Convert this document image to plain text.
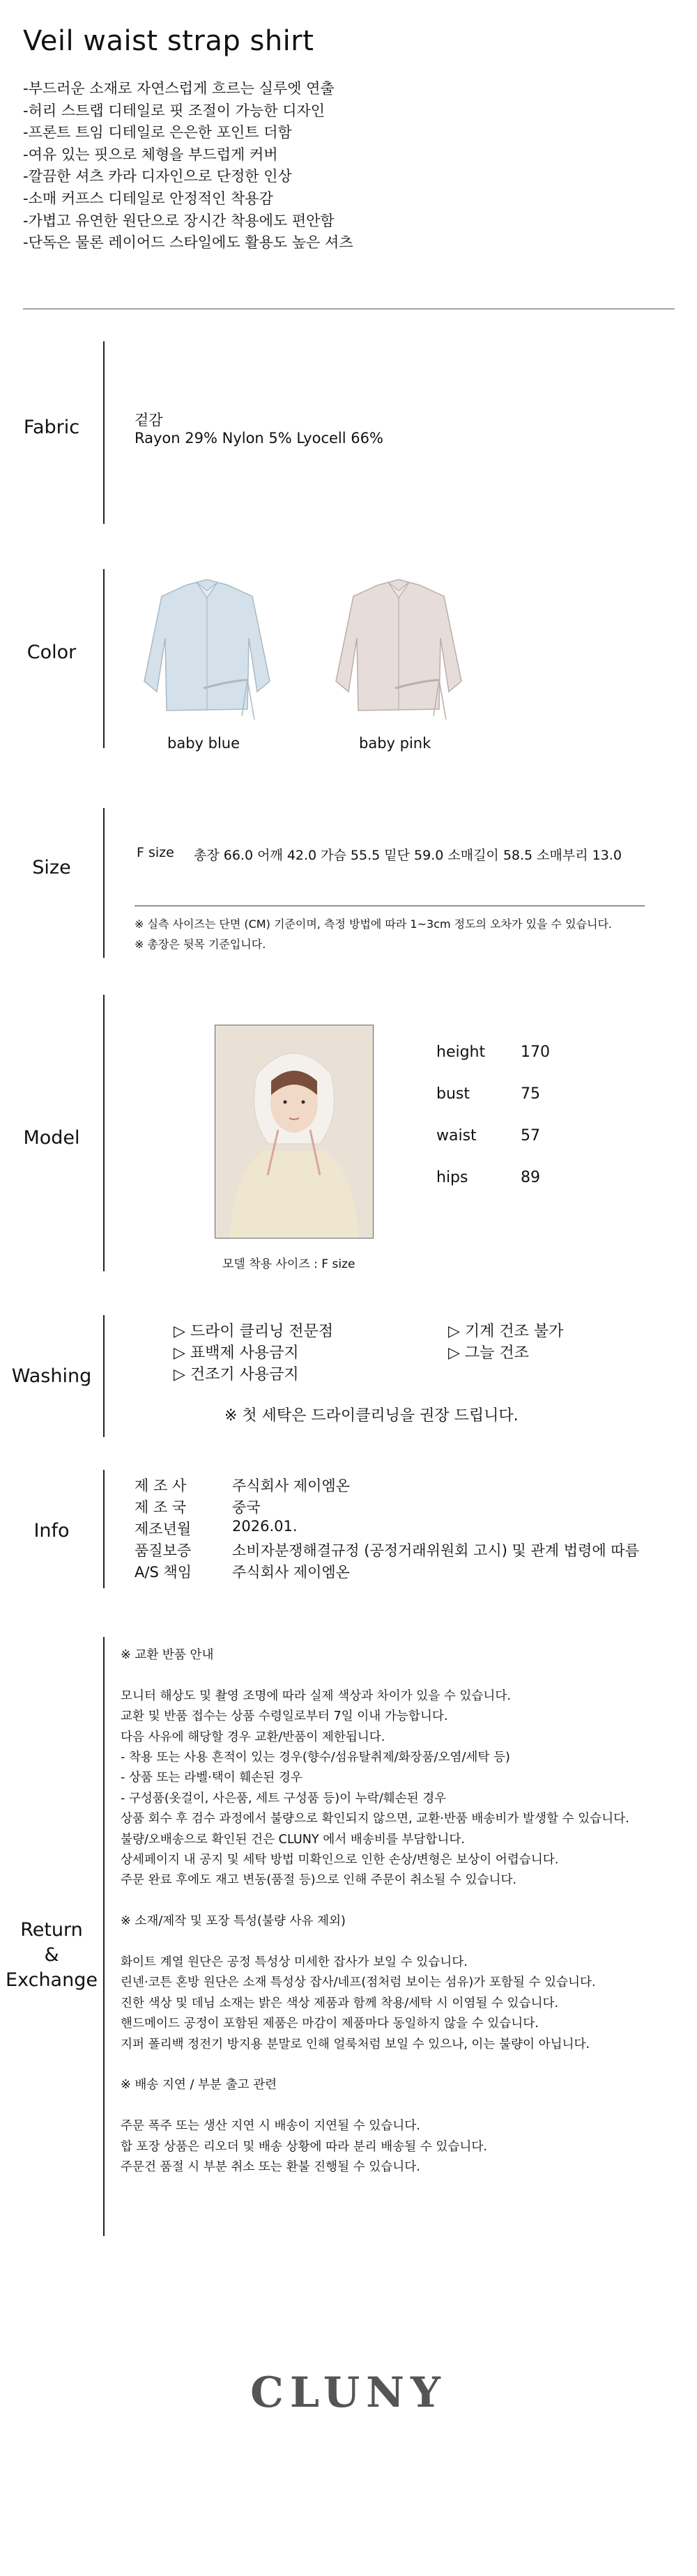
Veil waist strap shirt
-부드러운 소재로 자연스럽게 흐르는 실루엣 연출
-허리 스트랩 디테일로 핏 조절이 가능한 디자인
-프론트 트임 디테일로 은은한 포인트 더함
-여유 있는 핏으로 체형을 부드럽게 커버
-깔끔한 셔츠 카라 디자인으로 단정한 인상
-소매 커프스 디테일로 안정적인 착용감
-가볍고 유연한 원단으로 장시간 착용에도 편안함
-단독은 물론 레이어드 스타일에도 활용도 높은 셔츠
Fabric	겉감
Rayon 29% Nylon 5% Lyocell 66%
Color
baby blue	baby pink
Size
F size 총장 66.0 어깨 42.0 가슴 55.5 밑단 59.0 소매길이 58.5 소매부리 13.0
※ 실측 사이즈는 단면 (CM) 기준이며, 측정 방법에 따라 1~3cm 정도의 오차가 있을 수 있습니다.
※ 총장은 뒷목 기준입니다.
Model
모델 착용 사이즈 : F size
height 170
bust	75
waist	57
hips	89
Washing
▷ 드라이 클리닝 전문점
▷ 표백제 사용금지
▷ 건조기 사용금지
▷ 기계 건조 불가
▷ 그늘 건조
※ 첫 세탁은 드라이클리닝을 권장 드립니다.
Info
제 조 사	주식회사 제이엠온
제 조 국	중국
제조년월	2026.01.
품질보증	소비자분쟁해결규정 (공정거래위원회 고시) 및 관계 법령에 따름
A/S 책임	주식회사 제이엠온
Return
&
Exchange
※ 교환 반품 안내
모니터 해상도 및 촬영 조명에 따라 실제 색상과 차이가 있을 수 있습니다.
교환 및 반품 접수는 상품 수령일로부터 7일 이내 가능합니다.
다음 사유에 해당할 경우 교환/반품이 제한됩니다.
- 착용 또는 사용 흔적이 있는 경우(향수/섬유탈취제/화장품/오염/세탁 등)
- 상품 또는 라벨·택이 훼손된 경우
- 구성품(옷걸이, 사은품, 세트 구성품 등)이 누락/훼손된 경우
상품 회수 후 검수 과정에서 불량으로 확인되지 않으면, 교환·반품 배송비가 발생할 수 있습니다.
불량/오배송으로 확인된 건은 CLUNY 에서 배송비를 부담합니다.
상세페이지 내 공지 및 세탁 방법 미확인으로 인한 손상/변형은 보상이 어렵습니다.
주문 완료 후에도 재고 변동(품절 등)으로 인해 주문이 취소될 수 있습니다.
※ 소재/제작 및 포장 특성(불량 사유 제외)
화이트 계열 원단은 공정 특성상 미세한 잡사가 보일 수 있습니다.
린넨·코튼 혼방 원단은 소재 특성상 잡사/네프(점처럼 보이는 섬유)가 포함될 수 있습니다.
진한 색상 및 데님 소재는 밝은 색상 제품과 함께 착용/세탁 시 이염될 수 있습니다.
핸드메이드 공정이 포함된 제품은 마감이 제품마다 동일하지 않을 수 있습니다.
지퍼 폴리백 정전기 방지용 분말로 인해 얼룩처럼 보일 수 있으나, 이는 불량이 아닙니다.
※ 배송 지연 / 부분 출고 관련
주문 폭주 또는 생산 지연 시 배송이 지연될 수 있습니다.
합 포장 상품은 리오더 및 배송 상황에 따라 분리 배송될 수 있습니다.
주문건 품절 시 부분 취소 또는 환불 진행될 수 있습니다.
CLUNY
